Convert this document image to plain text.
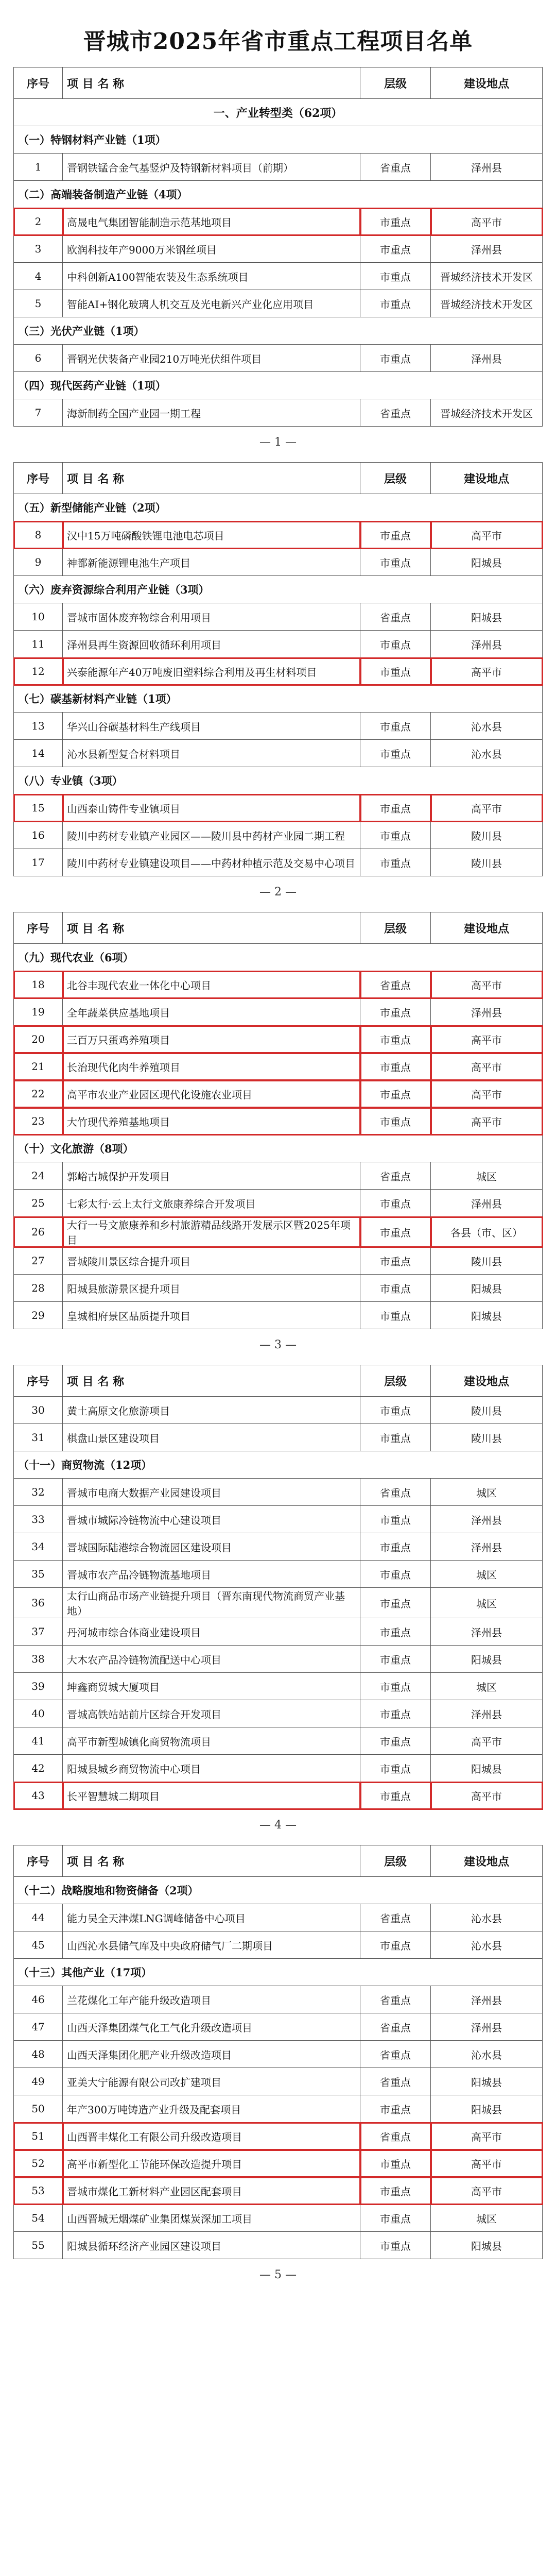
晋城市2025年省市重点工程项目名单
序号	项 目 名 称	层级	建设地点
一、产业转型类（62项）			
（一）特钢材料产业链（1项）			
1	晋钢铁锰合金气基竖炉及特钢新材料项目（前期）	省重点	泽州县
（二）高端装备制造产业链（4项）			
2	高晟电气集团智能制造示范基地项目	市重点	高平市
3	欧润科技年产9000万米钢丝项目	市重点	泽州县
4	中科创新A100智能农装及生态系统项目	市重点	晋城经济技术开发区
5	智能AI+钢化玻璃人机交互及光电新兴产业化应用项目	市重点	晋城经济技术开发区
（三）光伏产业链（1项）			
6	晋钢光伏装备产业园210万吨光伏组件项目	市重点	泽州县
（四）现代医药产业链（1项）			
7	海新制药全国产业园一期工程	省重点	晋城经济技术开发区
— 1 —
序号	项 目 名 称	层级	建设地点
（五）新型储能产业链（2项）			
8	汉中15万吨磷酸铁锂电池电芯项目	市重点	高平市
9	神都新能源锂电池生产项目	市重点	阳城县
（六）废弃资源综合利用产业链（3项）			
10	晋城市固体废弃物综合利用项目	省重点	阳城县
11	泽州县再生资源回收循环利用项目	市重点	泽州县
12	兴泰能源年产40万吨废旧塑料综合利用及再生材料项目	市重点	高平市
（七）碳基新材料产业链（1项）			
13	华兴山谷碳基材料生产线项目	市重点	沁水县
14	沁水县新型复合材料项目	市重点	沁水县
（八）专业镇（3项）			
15	山西泰山铸件专业镇项目	市重点	高平市
16	陵川中药材专业镇产业园区——陵川县中药材产业园二期工程	市重点	陵川县
17	陵川中药材专业镇建设项目——中药材种植示范及交易中心项目	市重点	陵川县
— 2 —
序号	项 目 名 称	层级	建设地点
（九）现代农业（6项）			
18	北谷丰现代农业一体化中心项目	省重点	高平市
19	全年蔬菜供应基地项目	市重点	泽州县
20	三百万只蛋鸡养殖项目	市重点	高平市
21	长治现代化肉牛养殖项目	市重点	高平市
22	高平市农业产业园区现代化设施农业项目	市重点	高平市
23	大竹现代养殖基地项目	市重点	高平市
（十）文化旅游（8项）			
24	郭峪古城保护开发项目	省重点	城区
25	七彩太行·云上太行文旅康养综合开发项目	市重点	泽州县
26	大行一号文旅康养和乡村旅游精品线路开发展示区暨2025年项目	市重点	各县（市、区）
27	晋城陵川景区综合提升项目	市重点	陵川县
28	阳城县旅游景区提升项目	市重点	阳城县
29	皇城相府景区品质提升项目	市重点	阳城县
— 3 —
序号	项 目 名 称	层级	建设地点
30	黄土高原文化旅游项目	市重点	陵川县
31	棋盘山景区建设项目	市重点	陵川县
（十一）商贸物流（12项）			
32	晋城市电商大数据产业园建设项目	省重点	城区
33	晋城市城际冷链物流中心建设项目	市重点	泽州县
34	晋城国际陆港综合物流园区建设项目	市重点	泽州县
35	晋城市农产品冷链物流基地项目	市重点	城区
36	太行山商品市场产业链提升项目（晋东南现代物流商贸产业基地）	市重点	城区
37	丹河城市综合体商业建设项目	市重点	泽州县
38	大木农产品冷链物流配送中心项目	市重点	阳城县
39	坤鑫商贸城大厦项目	市重点	城区
40	晋城高铁站站前片区综合开发项目	市重点	泽州县
41	高平市新型城镇化商贸物流项目	市重点	高平市
42	阳城县城乡商贸物流中心项目	市重点	阳城县
43	长平智慧城二期项目	市重点	高平市
— 4 —
序号	项 目 名 称	层级	建设地点
（十二）战略腹地和物资储备（2项）			
44	能力吴全天津煤LNG调峰储备中心项目	省重点	沁水县
45	山西沁水县储气库及中央政府储气厂二期项目	市重点	沁水县
（十三）其他产业（17项）			
46	兰花煤化工年产能升级改造项目	省重点	泽州县
47	山西天泽集团煤气化工气化升级改造项目	省重点	泽州县
48	山西天泽集团化肥产业升级改造项目	省重点	沁水县
49	亚美大宁能源有限公司改扩建项目	省重点	阳城县
50	年产300万吨铸造产业升级及配套项目	市重点	阳城县
51	山西晋丰煤化工有限公司升级改造项目	省重点	高平市
52	高平市新型化工节能环保改造提升项目	市重点	高平市
53	晋城市煤化工新材料产业园区配套项目	市重点	高平市
54	山西晋城无烟煤矿业集团煤炭深加工项目	市重点	城区
55	阳城县循环经济产业园区建设项目	市重点	阳城县
— 5 —
